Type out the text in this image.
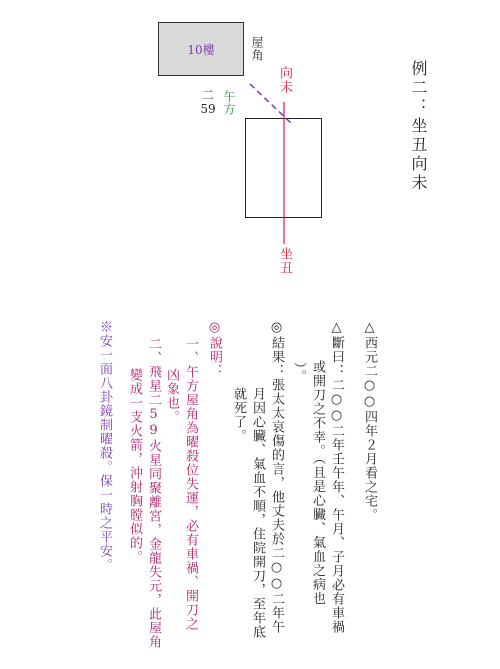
10樓	屋角
向未
午方
二 59
坐丑
例二：坐丑向未
△西元二○○四年２月看之宅。
△斷曰：二○○二年壬午年、午月、子月必有車禍
或開刀之不幸。（且是心臟、氣血之病也
）。
◎結果：張太太哀傷的言，他丈夫於二○○二年午
月因心臟、氣血不順，住院開刀，至年底
就死了。
◎說明：
一、午方屋角為曜殺位失運，必有車禍、開刀之
凶象也。
二、飛星二59火星同聚離宮，金龍失元，此屋角
變成一支火箭，沖射胸膛似的。
※安一面八卦鏡制曜殺。保一時之平安。
